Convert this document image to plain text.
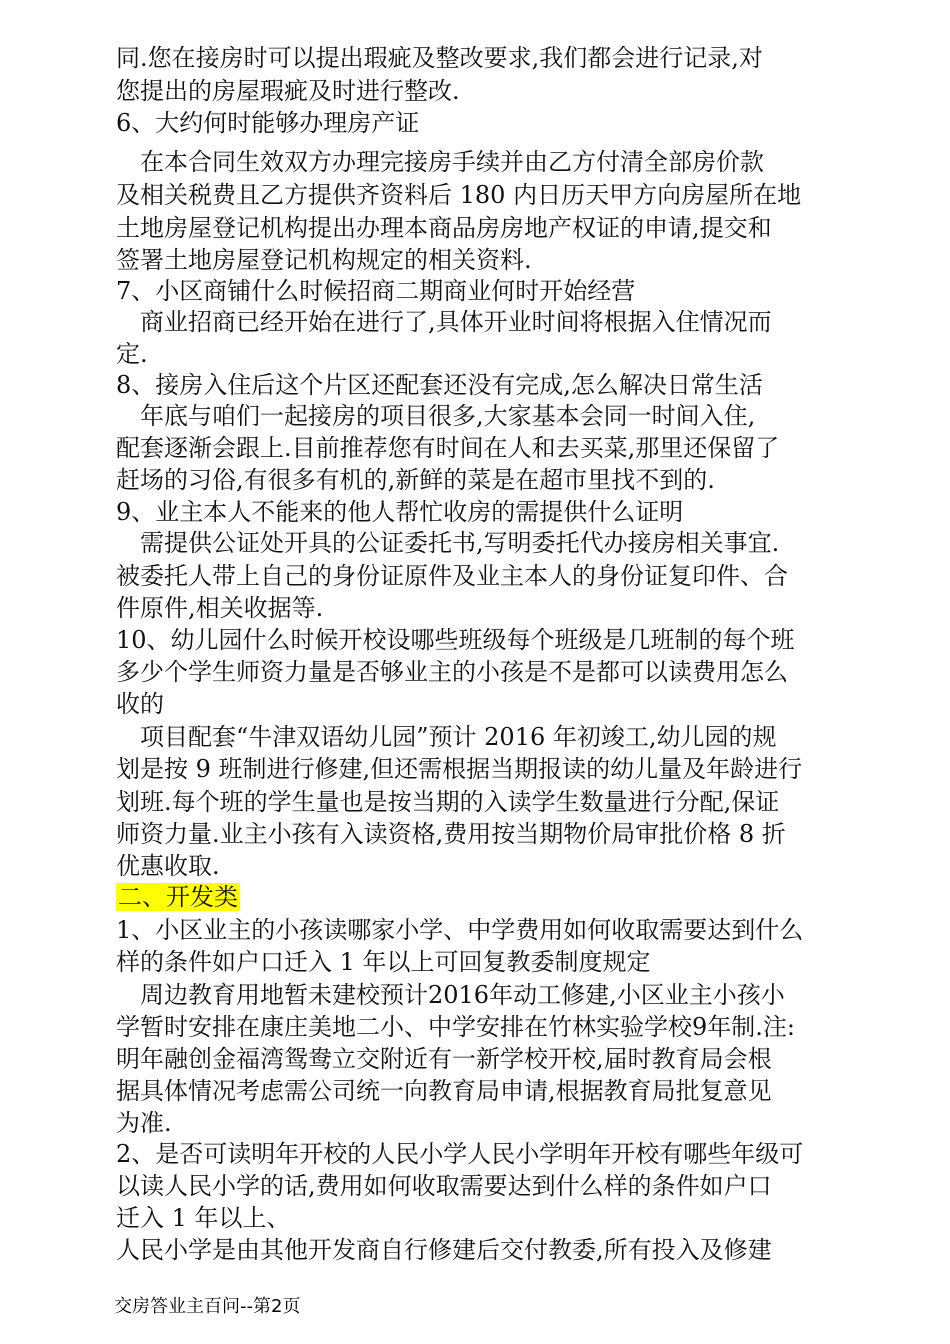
同.您在接房时可以提出瑕疵及整改要求,我们都会进行记录,对

您提出的房屋瑕疵及时进行整改.

6、大约何时能够办理房产证

　在本合同生效双方办理完接房手续并由乙方付清全部房价款

及相关税费且乙方提供齐资料后 180 内日历天甲方向房屋所在地

土地房屋登记机构提出办理本商品房房地产权证的申请,提交和

签署土地房屋登记机构规定的相关资料.

7、小区商铺什么时候招商二期商业何时开始经营

　商业招商已经开始在进行了,具体开业时间将根据入住情况而

定.

8、接房入住后这个片区还配套还没有完成,怎么解决日常生活

　年底与咱们一起接房的项目很多,大家基本会同一时间入住,

配套逐渐会跟上.目前推荐您有时间在人和去买菜,那里还保留了

赶场的习俗,有很多有机的,新鲜的菜是在超市里找不到的.

9、业主本人不能来的他人帮忙收房的需提供什么证明

　需提供公证处开具的公证委托书,写明委托代办接房相关事宜.

被委托人带上自己的身份证原件及业主本人的身份证复印件、合

件原件,相关收据等.

10、幼儿园什么时候开校设哪些班级每个班级是几班制的每个班

多少个学生师资力量是否够业主的小孩是不是都可以读费用怎么

收的

　项目配套“牛津双语幼儿园”预计 2016 年初竣工,幼儿园的规

划是按 9 班制进行修建,但还需根据当期报读的幼儿量及年龄进行

划班.每个班的学生量也是按当期的入读学生数量进行分配,保证

师资力量.业主小孩有入读资格,费用按当期物价局审批价格 8 折

优惠收取.

二、开发类

1、小区业主的小孩读哪家小学、中学费用如何收取需要达到什么

样的条件如户口迁入 1 年以上可回复教委制度规定

　周边教育用地暂未建校预计2016年动工修建,小区业主小孩小

学暂时安排在康庄美地二小、中学安排在竹林实验学校9年制.注:

明年融创金福湾鸳鸯立交附近有一新学校开校,届时教育局会根

据具体情况考虑需公司统一向教育局申请,根据教育局批复意见

为准.

2、是否可读明年开校的人民小学人民小学明年开校有哪些年级可

以读人民小学的话,费用如何收取需要达到什么样的条件如户口

迁入 1 年以上、

人民小学是由其他开发商自行修建后交付教委,所有投入及修建

交房答业主百问--第2页
